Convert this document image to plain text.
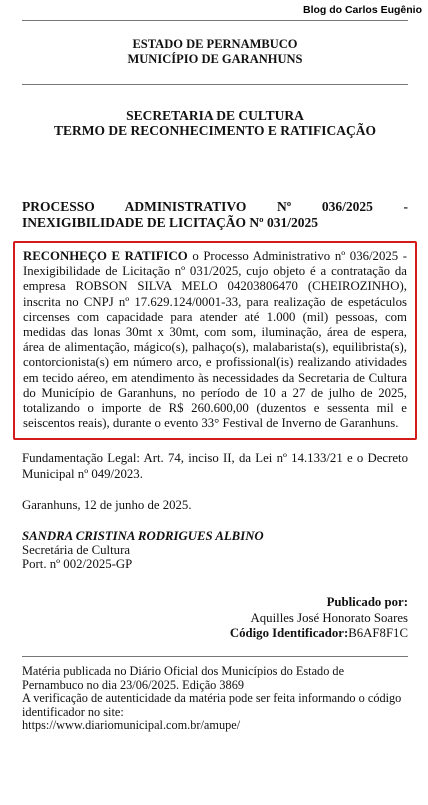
Blog do Carlos Eugênio
ESTADO DE PERNAMBUCO
MUNICÍPIO DE GARANHUNS
SECRETARIA DE CULTURA
TERMO DE RECONHECIMENTO E RATIFICAÇÃO
PROCESSO ADMINISTRATIVO Nº 036/2025 -
INEXIGIBILIDADE DE LICITAÇÃO Nº 031/2025
RECONHEÇO E RATIFICO o Processo Administrativo nº 036/2025 - Inexigibilidade de Licitação nº 031/2025, cujo objeto é a contratação da empresa ROBSON SILVA MELO 04203806470 (CHEIROZINHO), inscrita no CNPJ nº 17.629.124/0001-33, para realização de espetáculos circenses com capacidade para atender até 1.000 (mil) pessoas, com medidas das lonas 30mt x 30mt, com som, iluminação, área de espera, área de alimentação, mágico(s), palhaço(s), malabarista(s), equilibrista(s), contorcionista(s) em número arco, e profissional(is) realizando atividades em tecido aéreo, em atendimento às necessidades da Secretaria de Cultura do Município de Garanhuns, no período de 10 a 27 de julho de 2025, totalizando o importe de R$ 260.600,00 (duzentos e sessenta mil e seiscentos reais), durante o evento 33° Festival de Inverno de Garanhuns.
Fundamentação Legal: Art. 74, inciso II, da Lei nº 14.133/21 e o Decreto Municipal nº 049/2023.
Garanhuns, 12 de junho de 2025.
SANDRA CRISTINA RODRIGUES ALBINO
Secretária de Cultura
Port. nº 002/2025-GP
Publicado por:
Aquilles José Honorato Soares
Código Identificador:B6AF8F1C
Matéria publicada no Diário Oficial dos Municípios do Estado de Pernambuco no dia 23/06/2025. Edição 3869
A verificação de autenticidade da matéria pode ser feita informando o código identificador no site:
https://www.diariomunicipal.com.br/amupe/
